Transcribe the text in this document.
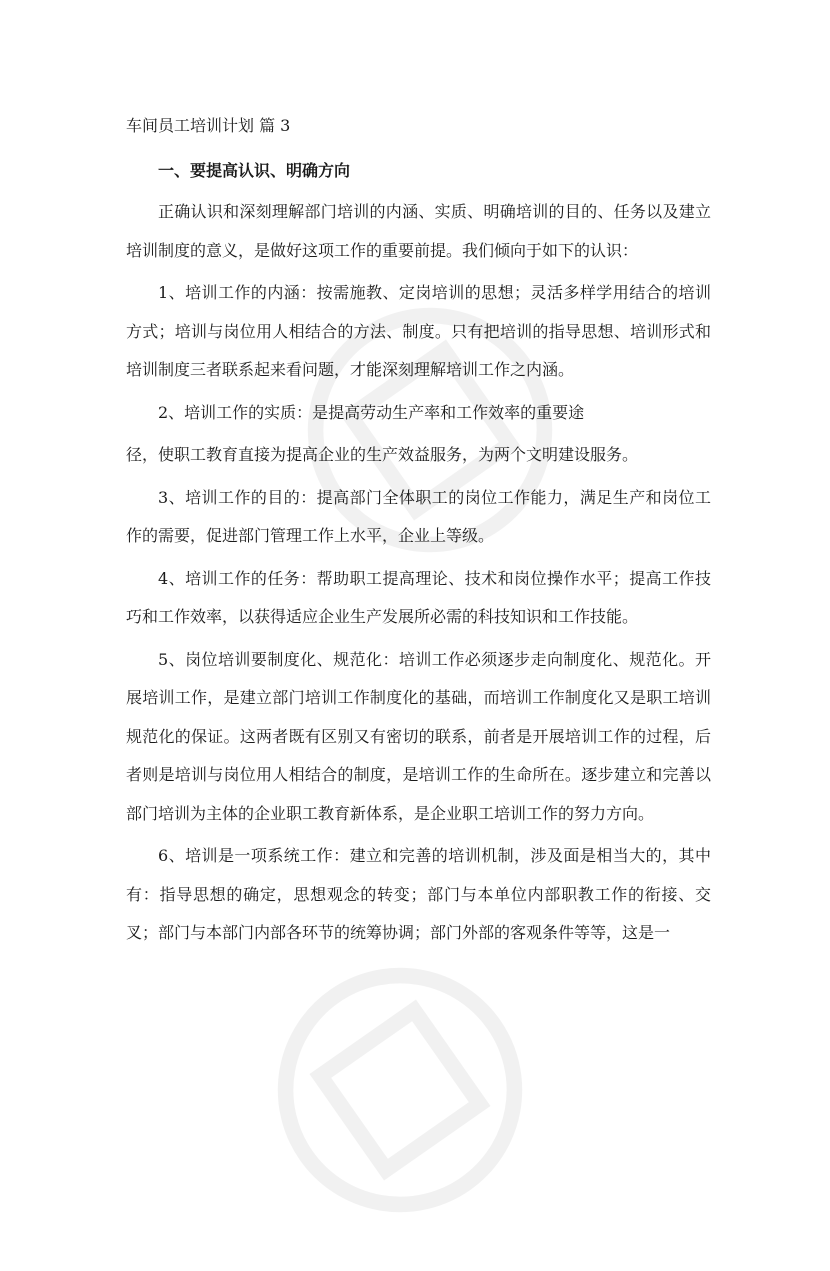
车间员工培训计划 篇 3

一、要提高认识、明确方向

正确认识和深刻理解部门培训的内涵、实质、明确培训的目的、任务以及建立培训制度的意义，是做好这项工作的重要前提。我们倾向于如下的认识：

1、培训工作的内涵：按需施教、定岗培训的思想；灵活多样学用结合的培训方式；培训与岗位用人相结合的方法、制度。只有把培训的指导思想、培训形式和培训制度三者联系起来看问题，才能深刻理解培训工作之内涵。

2、培训工作的实质：是提高劳动生产率和工作效率的重要途

径，使职工教育直接为提高企业的生产效益服务，为两个文明建设服务。

3、培训工作的目的：提高部门全体职工的岗位工作能力，满足生产和岗位工作的需要，促进部门管理工作上水平，企业上等级。

4、培训工作的任务：帮助职工提高理论、技术和岗位操作水平；提高工作技巧和工作效率，以获得适应企业生产发展所必需的科技知识和工作技能。

5、岗位培训要制度化、规范化：培训工作必须逐步走向制度化、规范化。开展培训工作，是建立部门培训工作制度化的基础，而培训工作制度化又是职工培训规范化的保证。这两者既有区别又有密切的联系，前者是开展培训工作的过程，后者则是培训与岗位用人相结合的制度，是培训工作的生命所在。逐步建立和完善以部门培训为主体的企业职工教育新体系，是企业职工培训工作的努力方向。

6、培训是一项系统工作：建立和完善的培训机制，涉及面是相当大的，其中有：指导思想的确定，思想观念的转变；部门与本单位内部职教工作的衔接、交叉；部门与本部门内部各环节的统筹协调；部门外部的客观条件等等，这是一
